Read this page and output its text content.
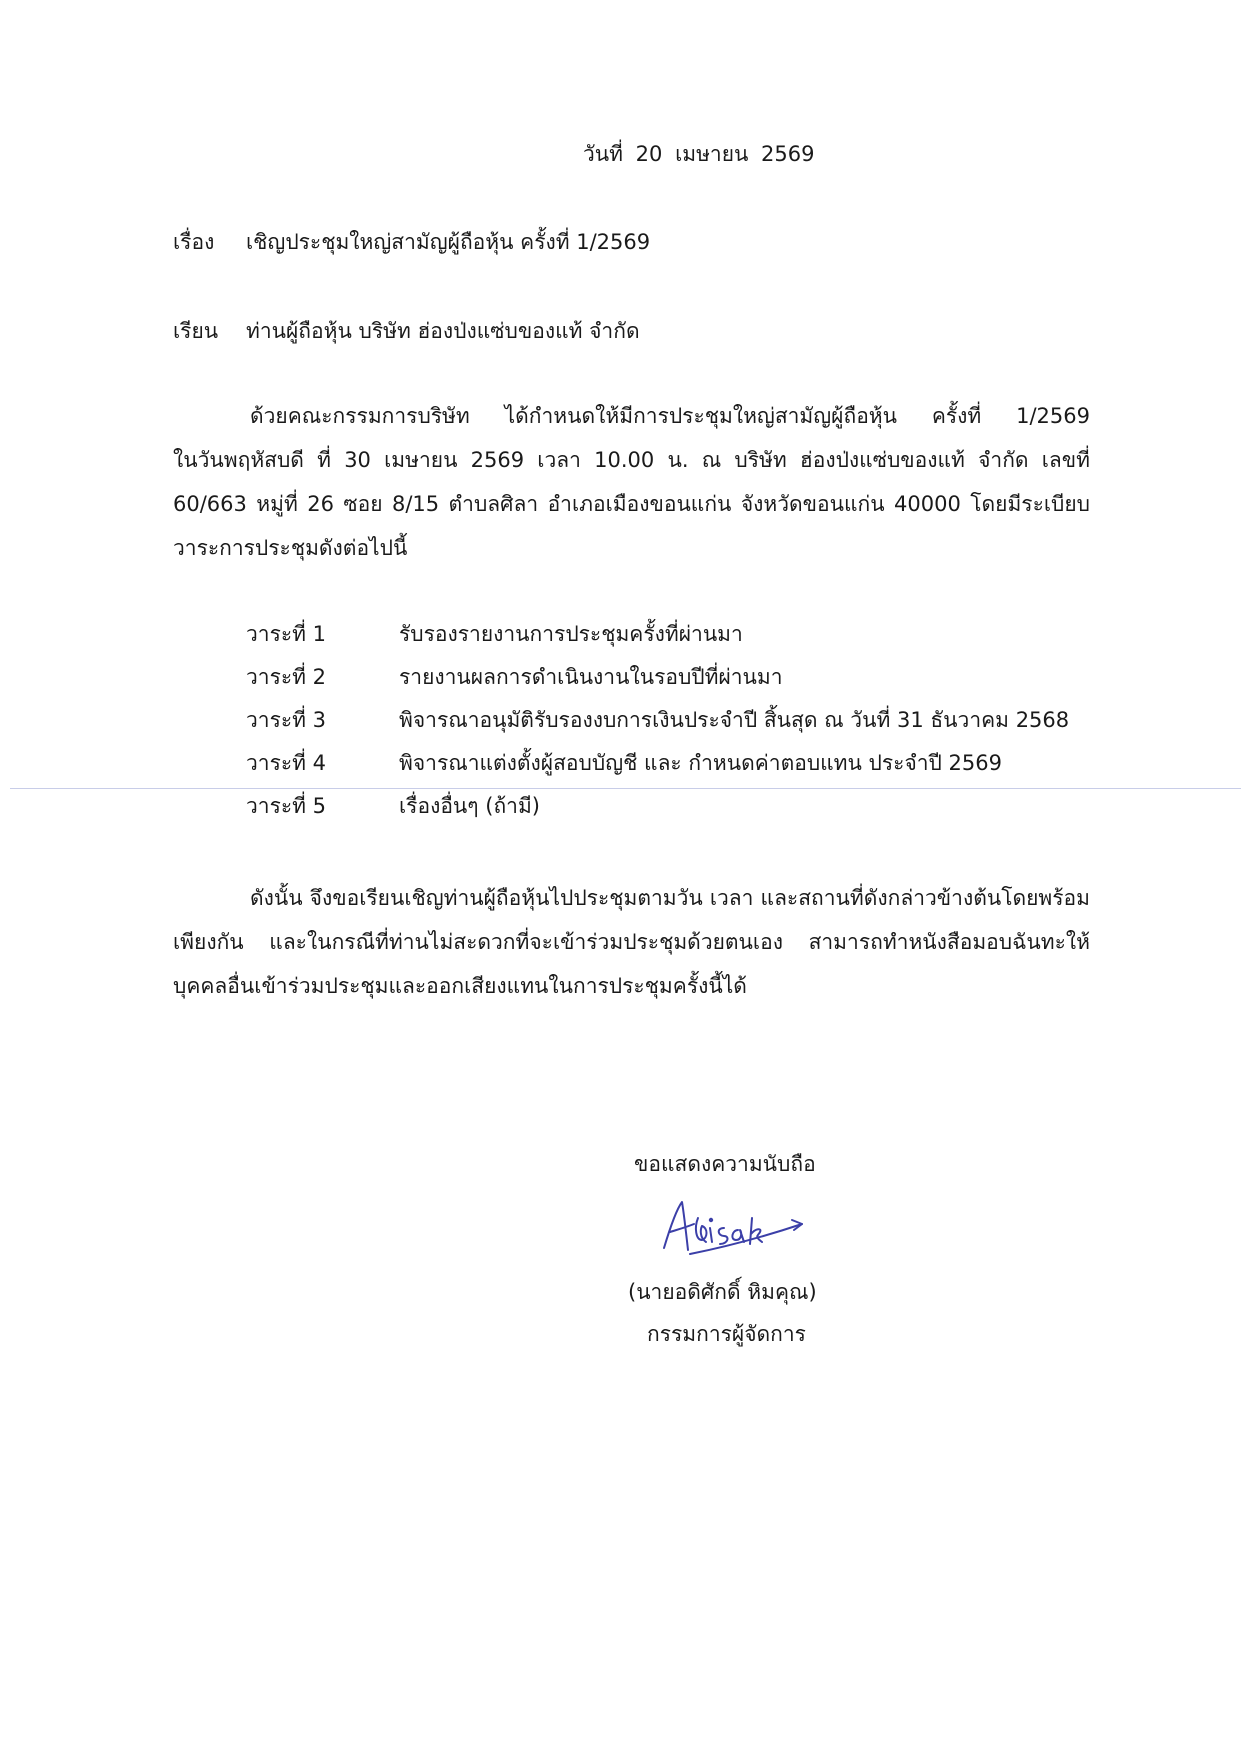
วันที่ 20 เมษายน 2569
เรื่อง เชิญประชุมใหญ่สามัญผู้ถือหุ้น ครั้งที่ 1/2569
เรียน ท่านผู้ถือหุ้น บริษัท ฮ่องป่งแซ่บของแท้ จำกัด
ด้วยคณะกรรมการบริษัท ได้กำหนดให้มีการประชุมใหญ่สามัญผู้ถือหุ้น ครั้งที่ 1/2569
ในวันพฤหัสบดี ที่ 30 เมษายน 2569 เวลา 10.00 น. ณ บริษัท ฮ่องป่งแซ่บของแท้ จำกัด เลขที่
60/663 หมู่ที่ 26 ซอย 8/15 ตำบลศิลา อำเภอเมืองขอนแก่น จังหวัดขอนแก่น 40000 โดยมีระเบียบ
วาระการประชุมดังต่อไปนี้
วาระที่ 1	รับรองรายงานการประชุมครั้งที่ผ่านมา
วาระที่ 2	รายงานผลการดำเนินงานในรอบปีที่ผ่านมา
วาระที่ 3	พิจารณาอนุมัติรับรองงบการเงินประจำปี สิ้นสุด ณ วันที่ 31 ธันวาคม 2568
วาระที่ 4	พิจารณาแต่งตั้งผู้สอบบัญชี และ กำหนดค่าตอบแทน ประจำปี 2569
วาระที่ 5	เรื่องอื่นๆ (ถ้ามี)
ดังนั้น จึงขอเรียนเชิญท่านผู้ถือหุ้นไปประชุมตามวัน เวลา และสถานที่ดังกล่าวข้างต้นโดยพร้อม
เพียงกัน และในกรณีที่ท่านไม่สะดวกที่จะเข้าร่วมประชุมด้วยตนเอง สามารถทำหนังสือมอบฉันทะให้
บุคคลอื่นเข้าร่วมประชุมและออกเสียงแทนในการประชุมครั้งนี้ได้
ขอแสดงความนับถือ
(นายอดิศักดิ์ หิมคุณ)
กรรมการผู้จัดการ
